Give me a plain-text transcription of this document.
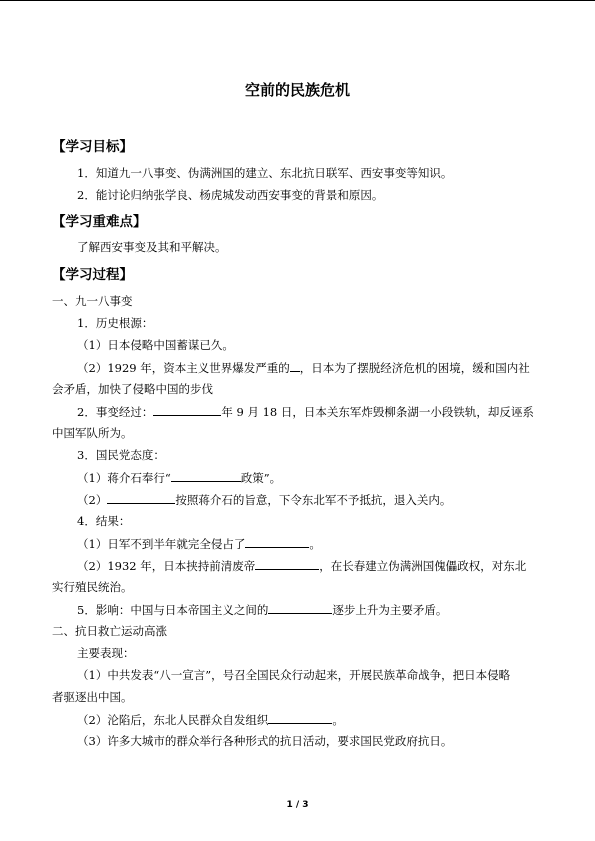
空前的民族危机
【学习目标】
1．知道九一八事变、伪满洲国的建立、东北抗日联军、西安事变等知识。
2．能讨论归纳张学良、杨虎城发动西安事变的背景和原因。
【学习重难点】
了解西安事变及其和平解决。
【学习过程】
一、九一八事变
1．历史根源：
（1）日本侵略中国蓄谋已久。
（2）1929 年，资本主义世界爆发严重的 ，日本为了摆脱经济危机的困境，缓和国内社
会矛盾，加快了侵略中国的步伐
2．事变经过：	年 9 月 18 日，日本关东军炸毁柳条湖一小段铁轨，却反诬系
中国军队所为。
3．国民党态度：
（1）蒋介石奉行“	政策”。
（2）	按照蒋介石的旨意，下令东北军不予抵抗，退入关内。
4．结果：
（1）日军不到半年就完全侵占了	。
（2）1932 年，日本挟持前清废帝	，在长春建立伪满洲国傀儡政权，对东北
实行殖民统治。
5．影响：中国与日本帝国主义之间的	逐步上升为主要矛盾。
二、抗日救亡运动高涨
主要表现：
（1）中共发表“八一宣言”，号召全国民众行动起来，开展民族革命战争，把日本侵略
者驱逐出中国。
（2）沦陷后，东北人民群众自发组织	。
（3）许多大城市的群众举行各种形式的抗日活动，要求国民党政府抗日。
1 / 3
